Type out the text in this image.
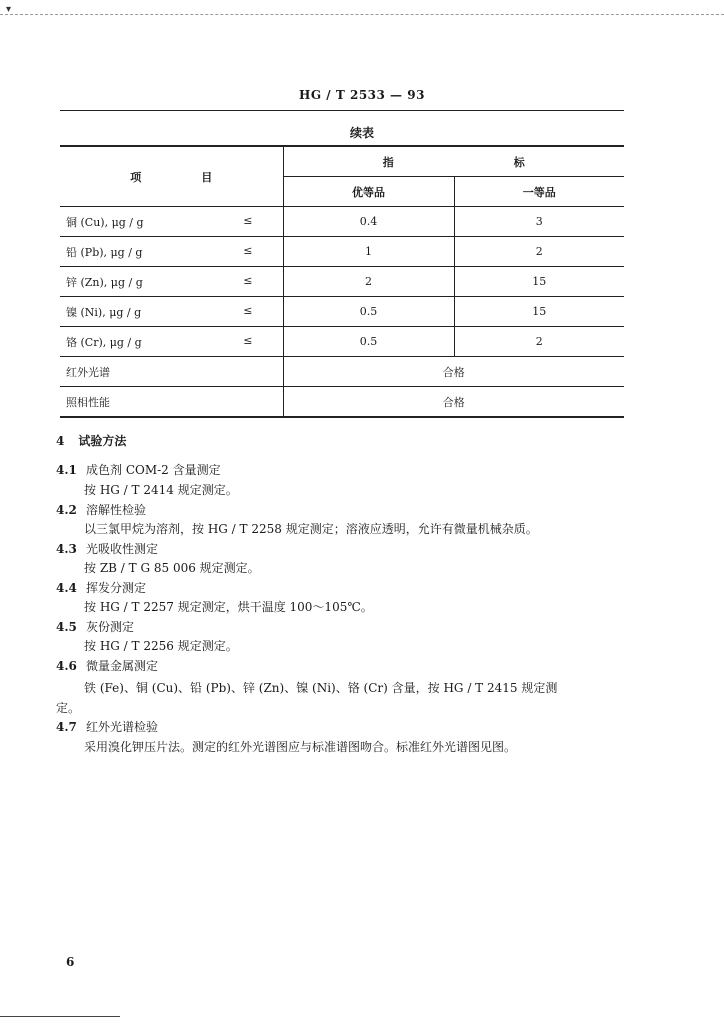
▾
HG / T 2533 — 93
续表
项 目	指 标	
	优等品	一等品
铜 (Cu), μg / g ≤	0.4	3
铅 (Pb), μg / g ≤	1	2
锌 (Zn), μg / g ≤	2	15
镍 (Ni), μg / g ≤	0.5	15
铬 (Cr), μg / g ≤	0.5	2
红外光谱	合格	
照相性能	合格	
4 试验方法
4.1 成色剂 COM-2 含量测定
按 HG / T 2414 规定测定。
4.2 溶解性检验
以三氯甲烷为溶剂，按 HG / T 2258 规定测定；溶液应透明，允许有微量机械杂质。
4.3 光吸收性测定
按 ZB / T G 85 006 规定测定。
4.4 挥发分测定
按 HG / T 2257 规定测定，烘干温度 100～105℃。
4.5 灰份测定
按 HG / T 2256 规定测定。
4.6 微量金属测定
铁 (Fe)、铜 (Cu)、铅 (Pb)、锌 (Zn)、镍 (Ni)、铬 (Cr) 含量，按 HG / T 2415 规定测
定。
4.7 红外光谱检验
采用溴化钾压片法。测定的红外光谱图应与标准谱图吻合。标准红外光谱图见图。
6
